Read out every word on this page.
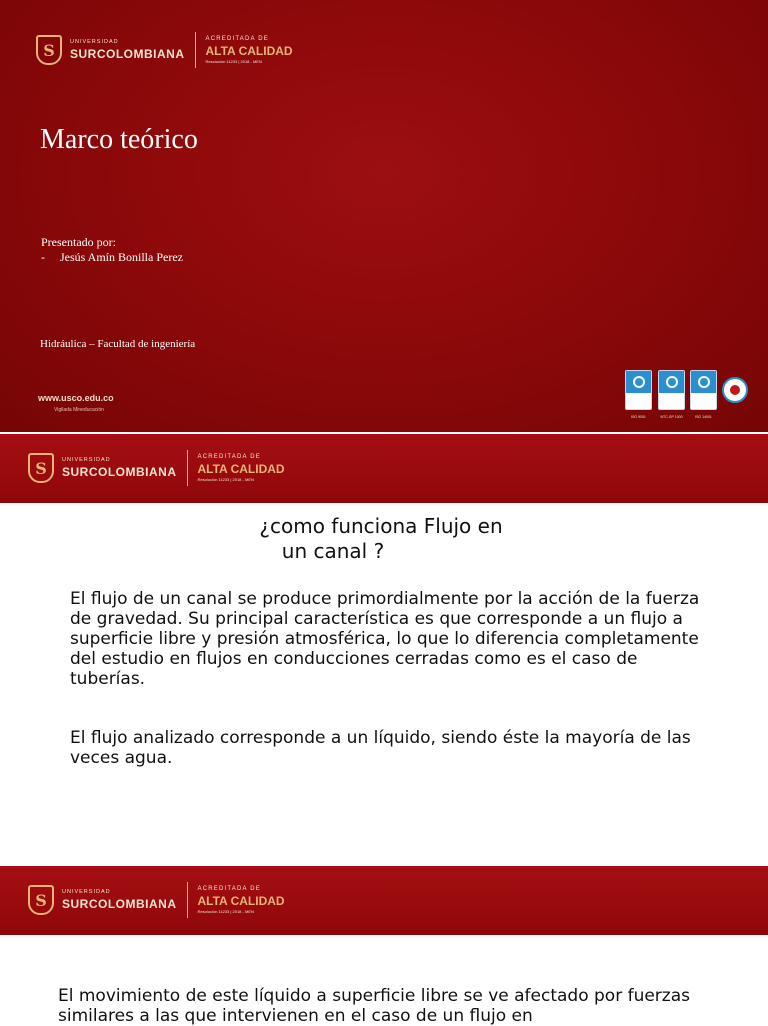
S	UNIVERSIDAD
SURCOLOMBIANA
ACREDITADA DE
ALTA CALIDAD
Resolución 11233 | 2018 - MEN
Marco teórico
Presentado por:
- Jesús Amín Bonilla Perez
Hidráulica – Facultad de ingeniería
www.usco.edu.co
Vigilada Mineducación
ISO 9001	NTC-GP 1000	ISO 14001
S	UNIVERSIDAD
SURCOLOMBIANA
ACREDITADA DE
ALTA CALIDAD
Resolución 11233 | 2018 - MEN
¿como funciona Flujo en
un canal ?
El flujo de un canal se produce primordialmente por la acción de la fuerza de gravedad. Su principal característica es que corresponde a un flujo a superficie libre y presión atmosférica, lo que lo diferencia completamente del estudio en flujos en conducciones cerradas como es el caso de tuberías.
El flujo analizado corresponde a un líquido, siendo éste la mayoría de las veces agua.
S	UNIVERSIDAD
SURCOLOMBIANA
ACREDITADA DE
ALTA CALIDAD
Resolución 11233 | 2018 - MEN
El movimiento de este líquido a superficie libre se ve afectado por fuerzas similares a las que intervienen en el caso de un flujo en
